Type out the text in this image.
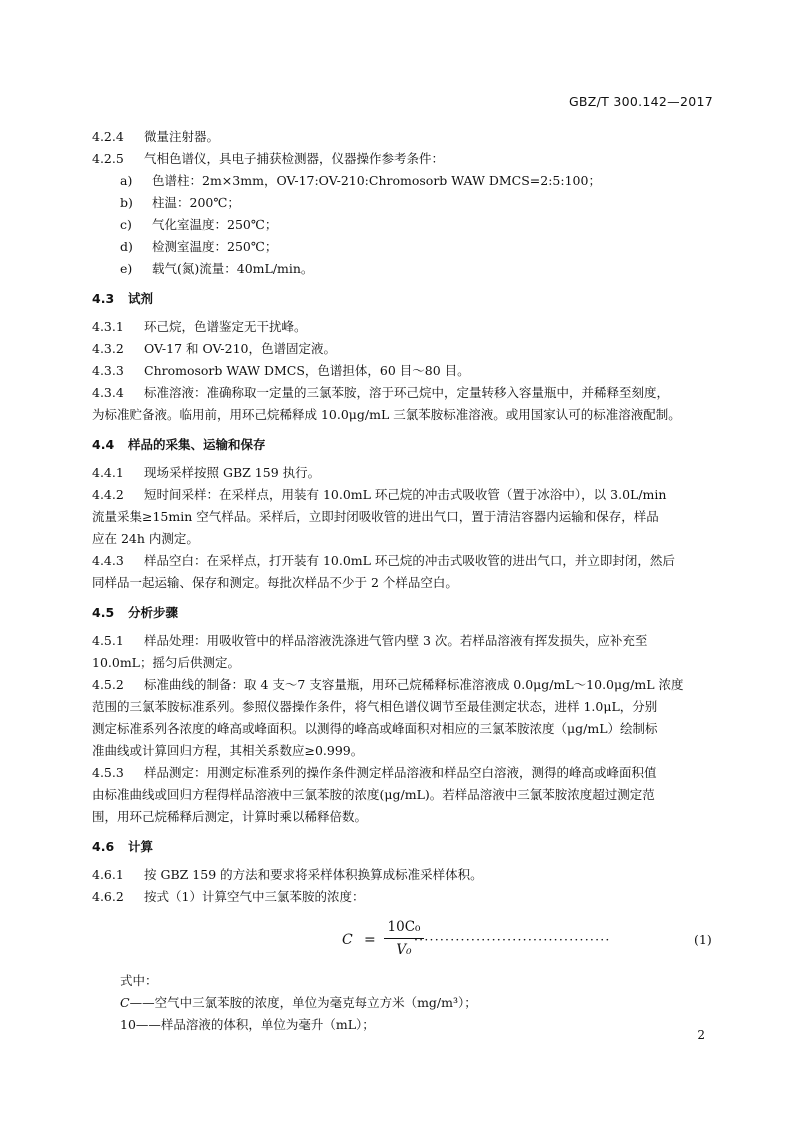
GBZ/T 300.142—2017
4.2.4 微量注射器。
4.2.5 气相色谱仪，具电子捕获检测器，仪器操作参考条件：
a) 色谱柱：2m×3mm，OV-17:OV-210:Chromosorb WAW DMCS=2:5:100；
b) 柱温：200℃；
c) 气化室温度：250℃；
d) 检测室温度：250℃；
e) 载气(氮)流量：40mL/min。
4.3 试剂
4.3.1 环己烷，色谱鉴定无干扰峰。
4.3.2 OV-17 和 OV-210，色谱固定液。
4.3.3 Chromosorb WAW DMCS，色谱担体，60 目～80 目。
4.3.4 标准溶液：准确称取一定量的三氯苯胺，溶于环己烷中，定量转移入容量瓶中，并稀释至刻度，
为标准贮备液。临用前，用环己烷稀释成 10.0μg/mL 三氯苯胺标准溶液。或用国家认可的标准溶液配制。
4.4 样品的采集、运输和保存
4.4.1 现场采样按照 GBZ 159 执行。
4.4.2 短时间采样：在采样点，用装有 10.0mL 环己烷的冲击式吸收管（置于冰浴中），以 3.0L/min
流量采集≥15min 空气样品。采样后，立即封闭吸收管的进出气口，置于清洁容器内运输和保存，样品
应在 24h 内测定。
4.4.3 样品空白：在采样点，打开装有 10.0mL 环己烷的冲击式吸收管的进出气口，并立即封闭，然后
同样品一起运输、保存和测定。每批次样品不少于 2 个样品空白。
4.5 分析步骤
4.5.1 样品处理：用吸收管中的样品溶液洗涤进气管内壁 3 次。若样品溶液有挥发损失，应补充至
10.0mL；摇匀后供测定。
4.5.2 标准曲线的制备：取 4 支～7 支容量瓶，用环己烷稀释标准溶液成 0.0μg/mL～10.0μg/mL 浓度
范围的三氯苯胺标准系列。参照仪器操作条件，将气相色谱仪调节至最佳测定状态，进样 1.0μL，分别
测定标准系列各浓度的峰高或峰面积。以测得的峰高或峰面积对相应的三氯苯胺浓度（μg/mL）绘制标
准曲线或计算回归方程，其相关系数应≥0.999。
4.5.3 样品测定：用测定标准系列的操作条件测定样品溶液和样品空白溶液，测得的峰高或峰面积值
由标准曲线或回归方程得样品溶液中三氯苯胺的浓度(μg/mL)。若样品溶液中三氯苯胺浓度超过测定范
围，用环己烷稀释后测定，计算时乘以稀释倍数。
4.6 计算
4.6.1 按 GBZ 159 的方法和要求将采样体积换算成标准采样体积。
4.6.2 按式（1）计算空气中三氯苯胺的浓度：
C =
10C₀
V₀
······································	(1)
式中：
C——空气中三氯苯胺的浓度，单位为毫克每立方米（mg/m³）；
10——样品溶液的体积，单位为毫升（mL）；
2
